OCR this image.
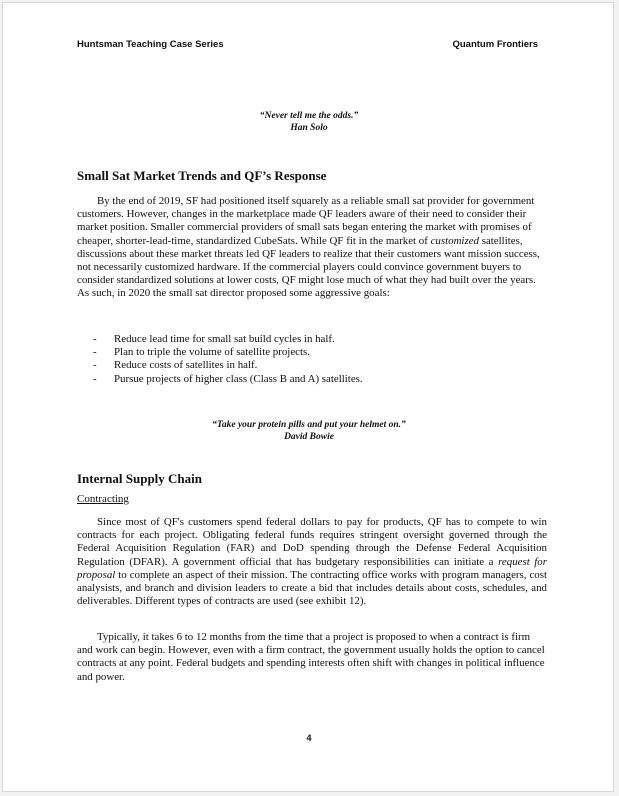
Huntsman Teaching Case Series	Quantum Frontiers
“Never tell me the odds.”
Han Solo
Small Sat Market Trends and QF’s Response

By the end of 2019, SF had positioned itself squarely as a reliable small sat provider for government customers. However, changes in the marketplace made QF leaders aware of their need to consider their market position. Smaller commercial providers of small sats began entering the market with promises of cheaper, shorter-lead-time, standardized CubeSats. While QF fit in the market of customized satellites, discussions about these market threats led QF leaders to realize that their customers want mission success, not necessarily customized hardware. If the commercial players could convince government buyers to consider standardized solutions at lower costs, QF might lose much of what they had built over the years. As such, in 2020 the small sat director proposed some aggressive goals:

- Reduce lead time for small sat build cycles in half.
- Plan to triple the volume of satellite projects.
- Reduce costs of satellites in half.
- Pursue projects of higher class (Class B and A) satellites.
“Take your protein pills and put your helmet on.”
David Bowie
Internal Supply Chain
Contracting

Since most of QF's customers spend federal dollars to pay for products, QF has to compete to win contracts for each project. Obligating federal funds requires stringent oversight governed through the Federal Acquisition Regulation (FAR) and DoD spending through the Defense Federal Acquisition Regulation (DFAR). A government official that has budgetary responsibilities can initiate a request for proposal to complete an aspect of their mission. The contracting office works with program managers, cost analysists, and branch and division leaders to create a bid that includes details about costs, schedules, and deliverables. Different types of contracts are used (see exhibit 12).

Typically, it takes 6 to 12 months from the time that a project is proposed to when a contract is firm and work can begin. However, even with a firm contract, the government usually holds the option to cancel contracts at any point. Federal budgets and spending interests often shift with changes in political influence and power.

4
